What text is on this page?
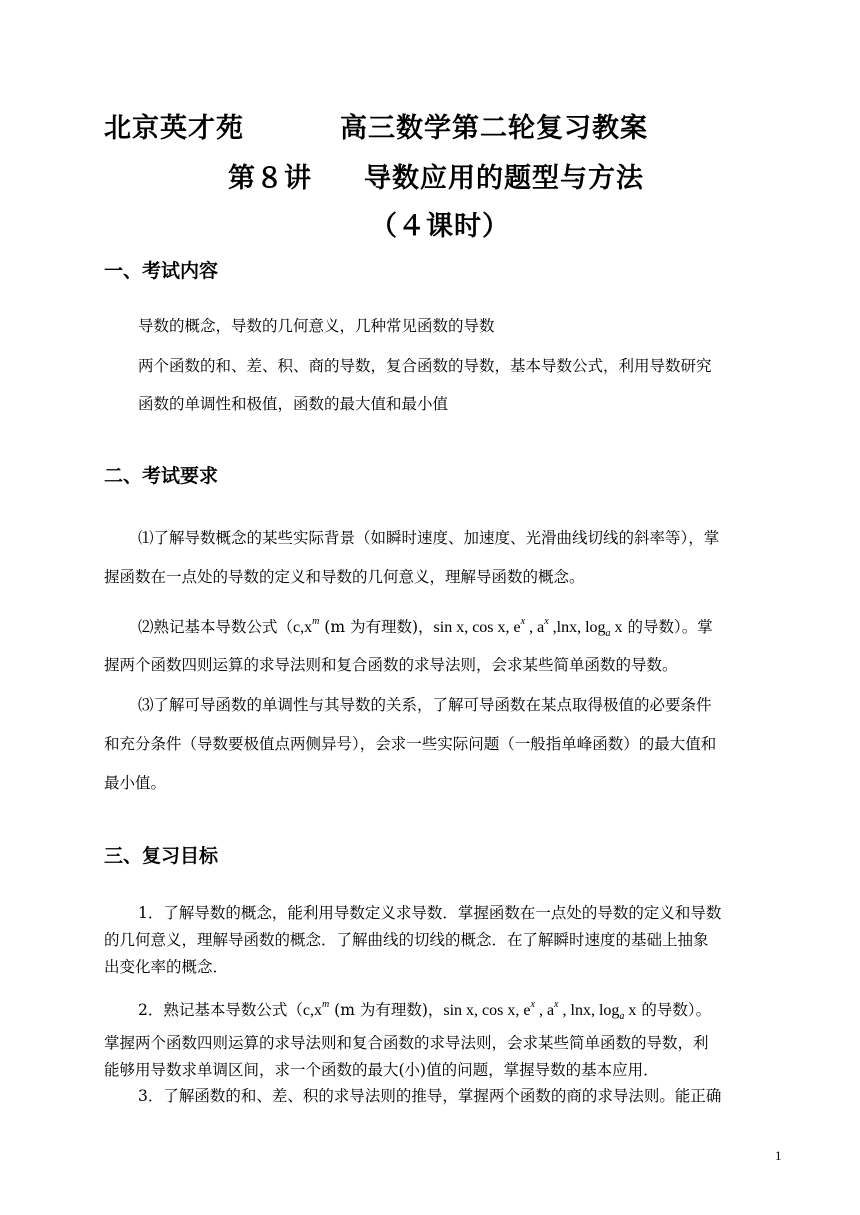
北京英才苑	高三数学第二轮复习教案
第８讲 导数应用的题型与方法
（４课时）
一、考试内容
导数的概念，导数的几何意义，几种常见函数的导数
两个函数的和、差、积、商的导数，复合函数的导数，基本导数公式，利用导数研究
函数的单调性和极值，函数的最大值和最小值
二、考试要求
⑴了解导数概念的某些实际背景（如瞬时速度、加速度、光滑曲线切线的斜率等），掌
握函数在一点处的导数的定义和导数的几何意义，理解导函数的概念。
⑵熟记基本导数公式（$c,x^m$ (m 为有理数)，sin x, cos x, $e^x$ , $a^x$ ,lnx, $\log_a x$ 的导数）。掌
握两个函数四则运算的求导法则和复合函数的求导法则，会求某些简单函数的导数。
⑶了解可导函数的单调性与其导数的关系，了解可导函数在某点取得极值的必要条件
和充分条件（导数要极值点两侧异号），会求一些实际问题（一般指单峰函数）的最大值和
最小值。
三、复习目标
1．了解导数的概念，能利用导数定义求导数．掌握函数在一点处的导数的定义和导数
的几何意义，理解导函数的概念．了解曲线的切线的概念．在了解瞬时速度的基础上抽象
出变化率的概念．
2．熟记基本导数公式（$c,x^m$ (m 为有理数)，sin x, cos x, $e^x$ , $a^x$ , lnx, $\log_a x$ 的导数）。
掌握两个函数四则运算的求导法则和复合函数的求导法则，会求某些简单函数的导数，利
能够用导数求单调区间，求一个函数的最大(小)值的问题，掌握导数的基本应用．
3．了解函数的和、差、积的求导法则的推导，掌握两个函数的商的求导法则。能正确
1
